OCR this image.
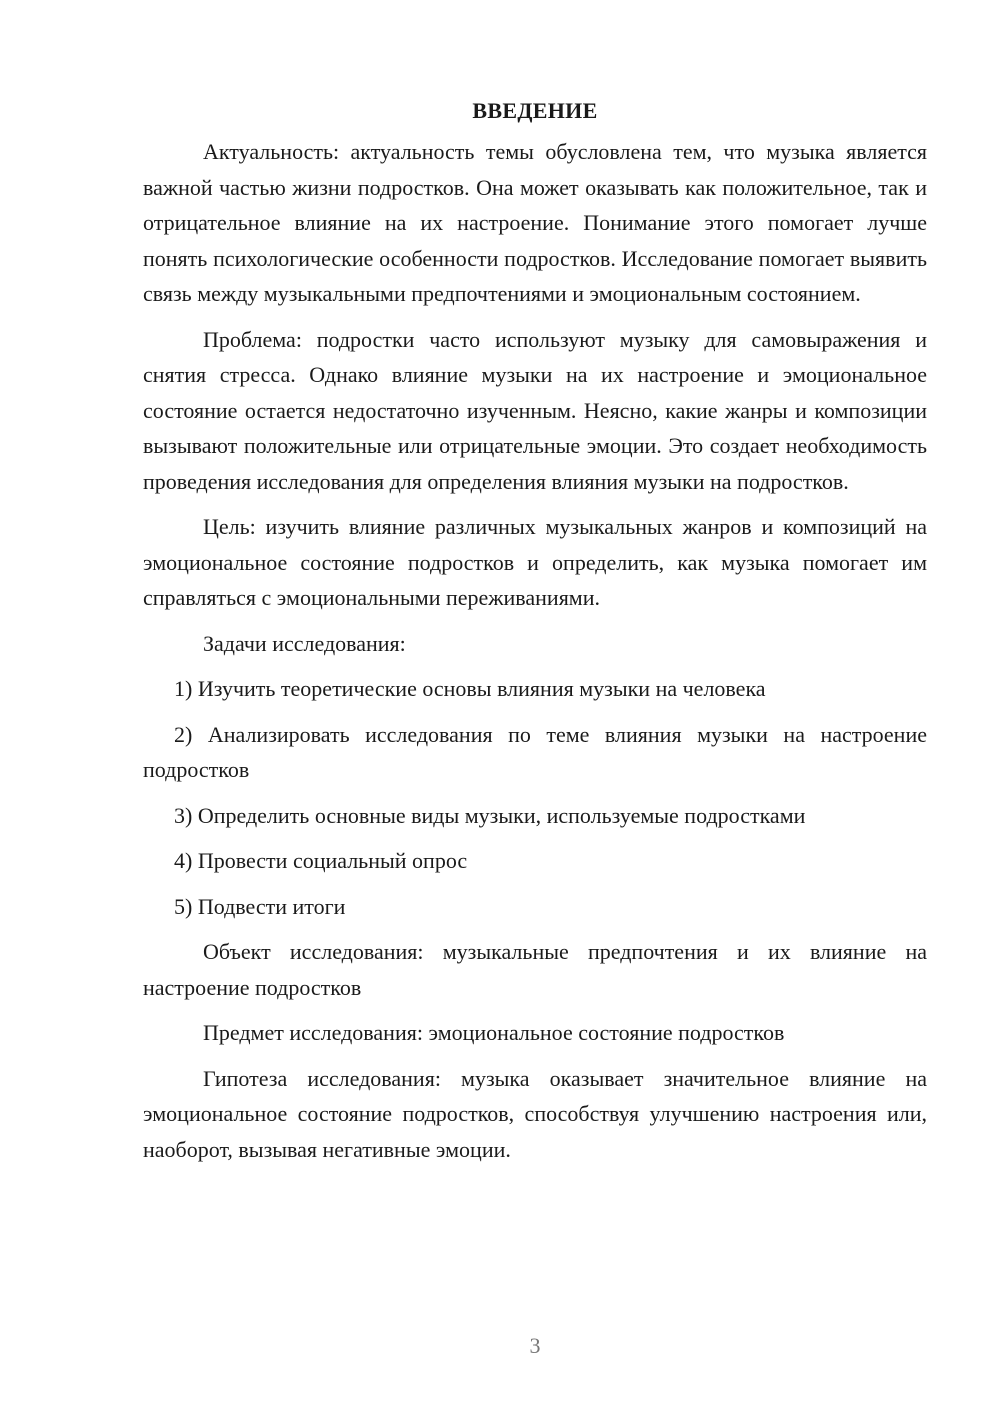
ВВЕДЕНИЕ

Актуальность: актуальность темы обусловлена тем, что музыка является важной частью жизни подростков. Она может оказывать как положительное, так и отрицательное влияние на их настроение. Понимание этого помогает лучше понять психологические особенности подростков. Исследование помогает выявить связь между музыкальными предпочтениями и эмоциональным состоянием.

Проблема: подростки часто используют музыку для самовыражения и снятия стресса. Однако влияние музыки на их настроение и эмоциональное состояние остается недостаточно изученным. Неясно, какие жанры и композиции вызывают положительные или отрицательные эмоции. Это создает необходимость проведения исследования для определения влияния музыки на подростков.

Цель: изучить влияние различных музыкальных жанров и композиций на эмоциональное состояние подростков и определить, как музыка помогает им справляться с эмоциональными переживаниями.

Задачи исследования:

1) Изучить теоретические основы влияния музыки на человека

2) Анализировать исследования по теме влияния музыки на настроение подростков

3) Определить основные виды музыки, используемые подростками

4) Провести социальный опрос

5) Подвести итоги

Объект исследования: музыкальные предпочтения и их влияние на настроение подростков

Предмет исследования: эмоциональное состояние подростков

Гипотеза исследования: музыка оказывает значительное влияние на эмоциональное состояние подростков, способствуя улучшению настроения или, наоборот, вызывая негативные эмоции.

3
